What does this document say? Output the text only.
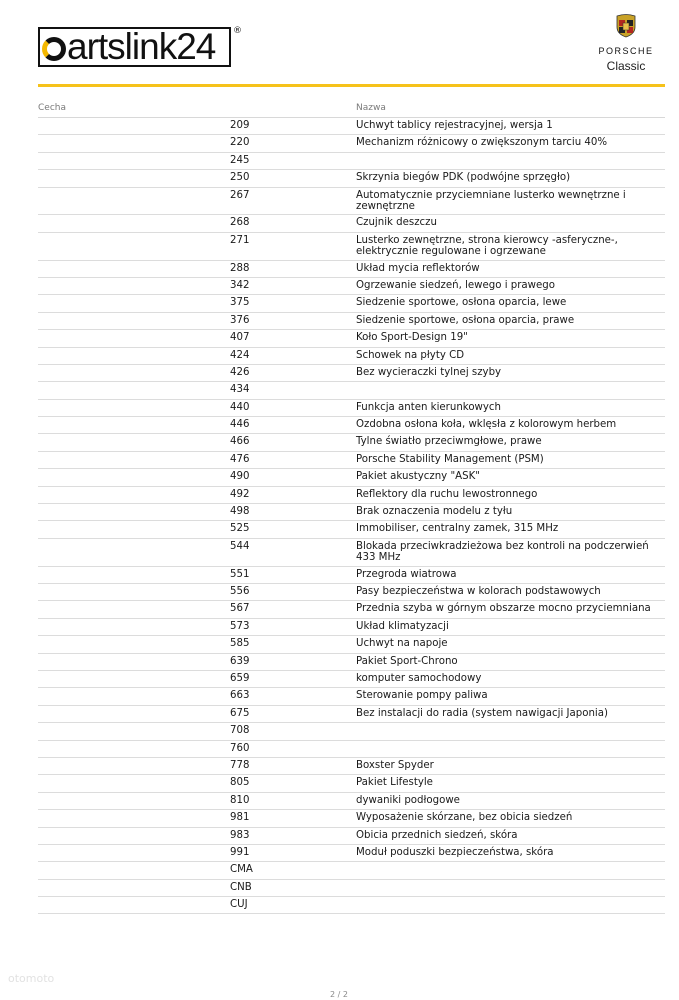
artslink24 ®
PORSCHE
Classic
Cecha	Nazwa
209	Uchwyt tablicy rejestracyjnej, wersja 1
220	Mechanizm różnicowy o zwiększonym tarciu 40%
245
250	Skrzynia biegów PDK (podwójne sprzęgło)
267	Automatycznie przyciemniane lusterko wewnętrzne i zewnętrzne
268	Czujnik deszczu
271	Lusterko zewnętrzne, strona kierowcy -asferyczne-, elektrycznie regulowane i ogrzewane
288	Układ mycia reflektorów
342	Ogrzewanie siedzeń, lewego i prawego
375	Siedzenie sportowe, osłona oparcia, lewe
376	Siedzenie sportowe, osłona oparcia, prawe
407	Koło Sport-Design 19"
424	Schowek na płyty CD
426	Bez wycieraczki tylnej szyby
434
440	Funkcja anten kierunkowych
446	Ozdobna osłona koła, wklęsła z kolorowym herbem
466	Tylne światło przeciwmgłowe, prawe
476	Porsche Stability Management (PSM)
490	Pakiet akustyczny "ASK"
492	Reflektory dla ruchu lewostronnego
498	Brak oznaczenia modelu z tyłu
525	Immobiliser, centralny zamek, 315 MHz
544	Blokada przeciwkradzieżowa bez kontroli na podczerwień 433 MHz
551	Przegroda wiatrowa
556	Pasy bezpieczeństwa w kolorach podstawowych
567	Przednia szyba w górnym obszarze mocno przyciemniana
573	Układ klimatyzacji
585	Uchwyt na napoje
639	Pakiet Sport-Chrono
659	komputer samochodowy
663	Sterowanie pompy paliwa
675	Bez instalacji do radia (system nawigacji Japonia)
708
760
778	Boxster Spyder
805	Pakiet Lifestyle
810	dywaniki podłogowe
981	Wyposażenie skórzane, bez obicia siedzeń
983	Obicia przednich siedzeń, skóra
991	Moduł poduszki bezpieczeństwa, skóra
CMA
CNB
CUJ
otomoto
2 / 2
